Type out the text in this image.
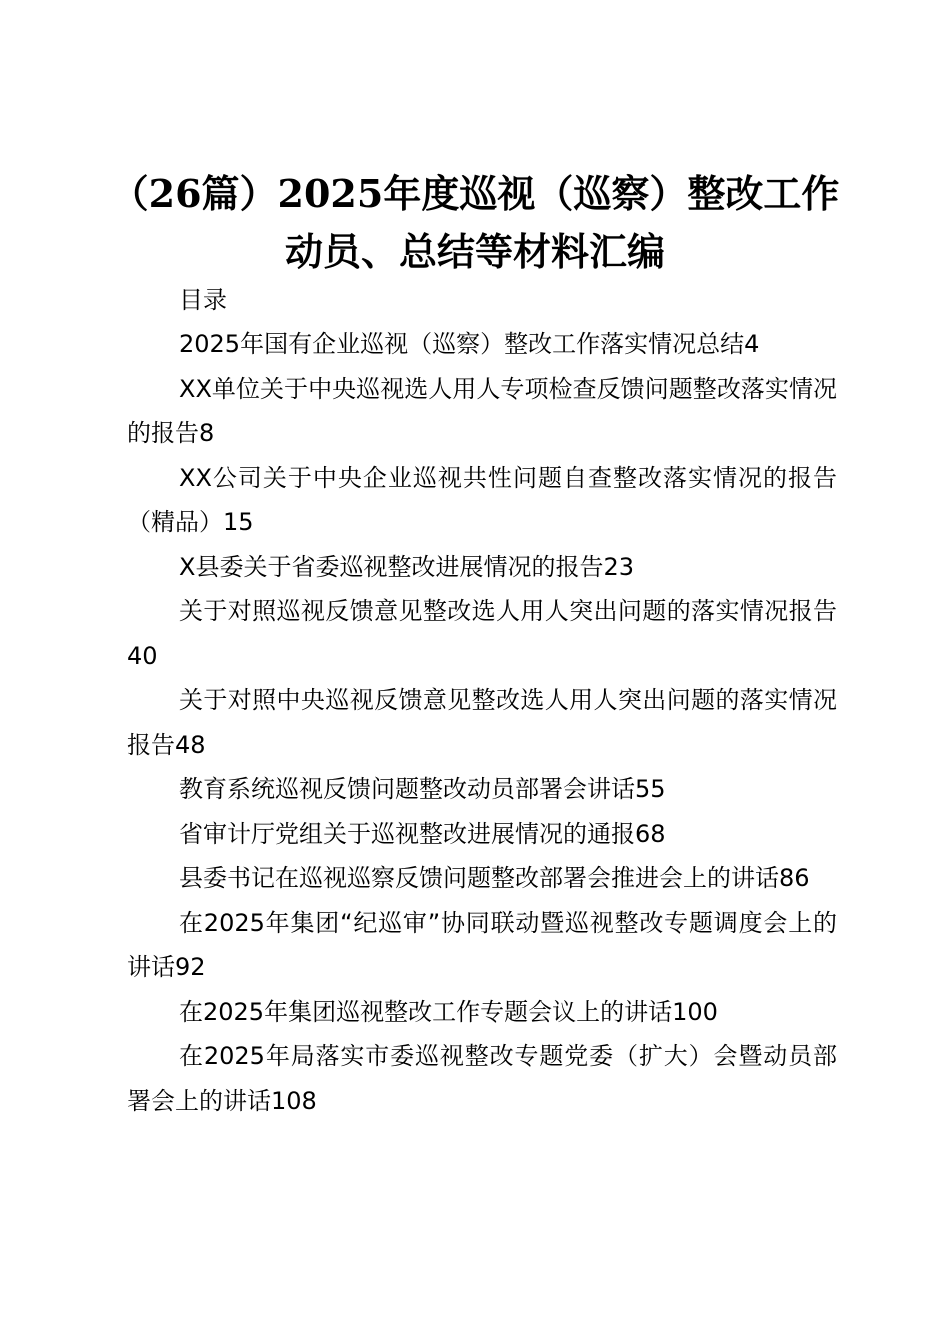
（26篇）2025年度巡视（巡察）整改工作动员、总结等材料汇编

目录

2025年国有企业巡视（巡察）整改工作落实情况总结4

XX单位关于中央巡视选人用人专项检查反馈问题整改落实情况的报告8

XX公司关于中央企业巡视共性问题自查整改落实情况的报告（精品）15

X县委关于省委巡视整改进展情况的报告23

关于对照巡视反馈意见整改选人用人突出问题的落实情况报告40

关于对照中央巡视反馈意见整改选人用人突出问题的落实情况报告48

教育系统巡视反馈问题整改动员部署会讲话55

省审计厅党组关于巡视整改进展情况的通报68

县委书记在巡视巡察反馈问题整改部署会推进会上的讲话86

在2025年集团“纪巡审”协同联动暨巡视整改专题调度会上的讲话92

在2025年集团巡视整改工作专题会议上的讲话100

在2025年局落实市委巡视整改专题党委（扩大）会暨动员部署会上的讲话108
